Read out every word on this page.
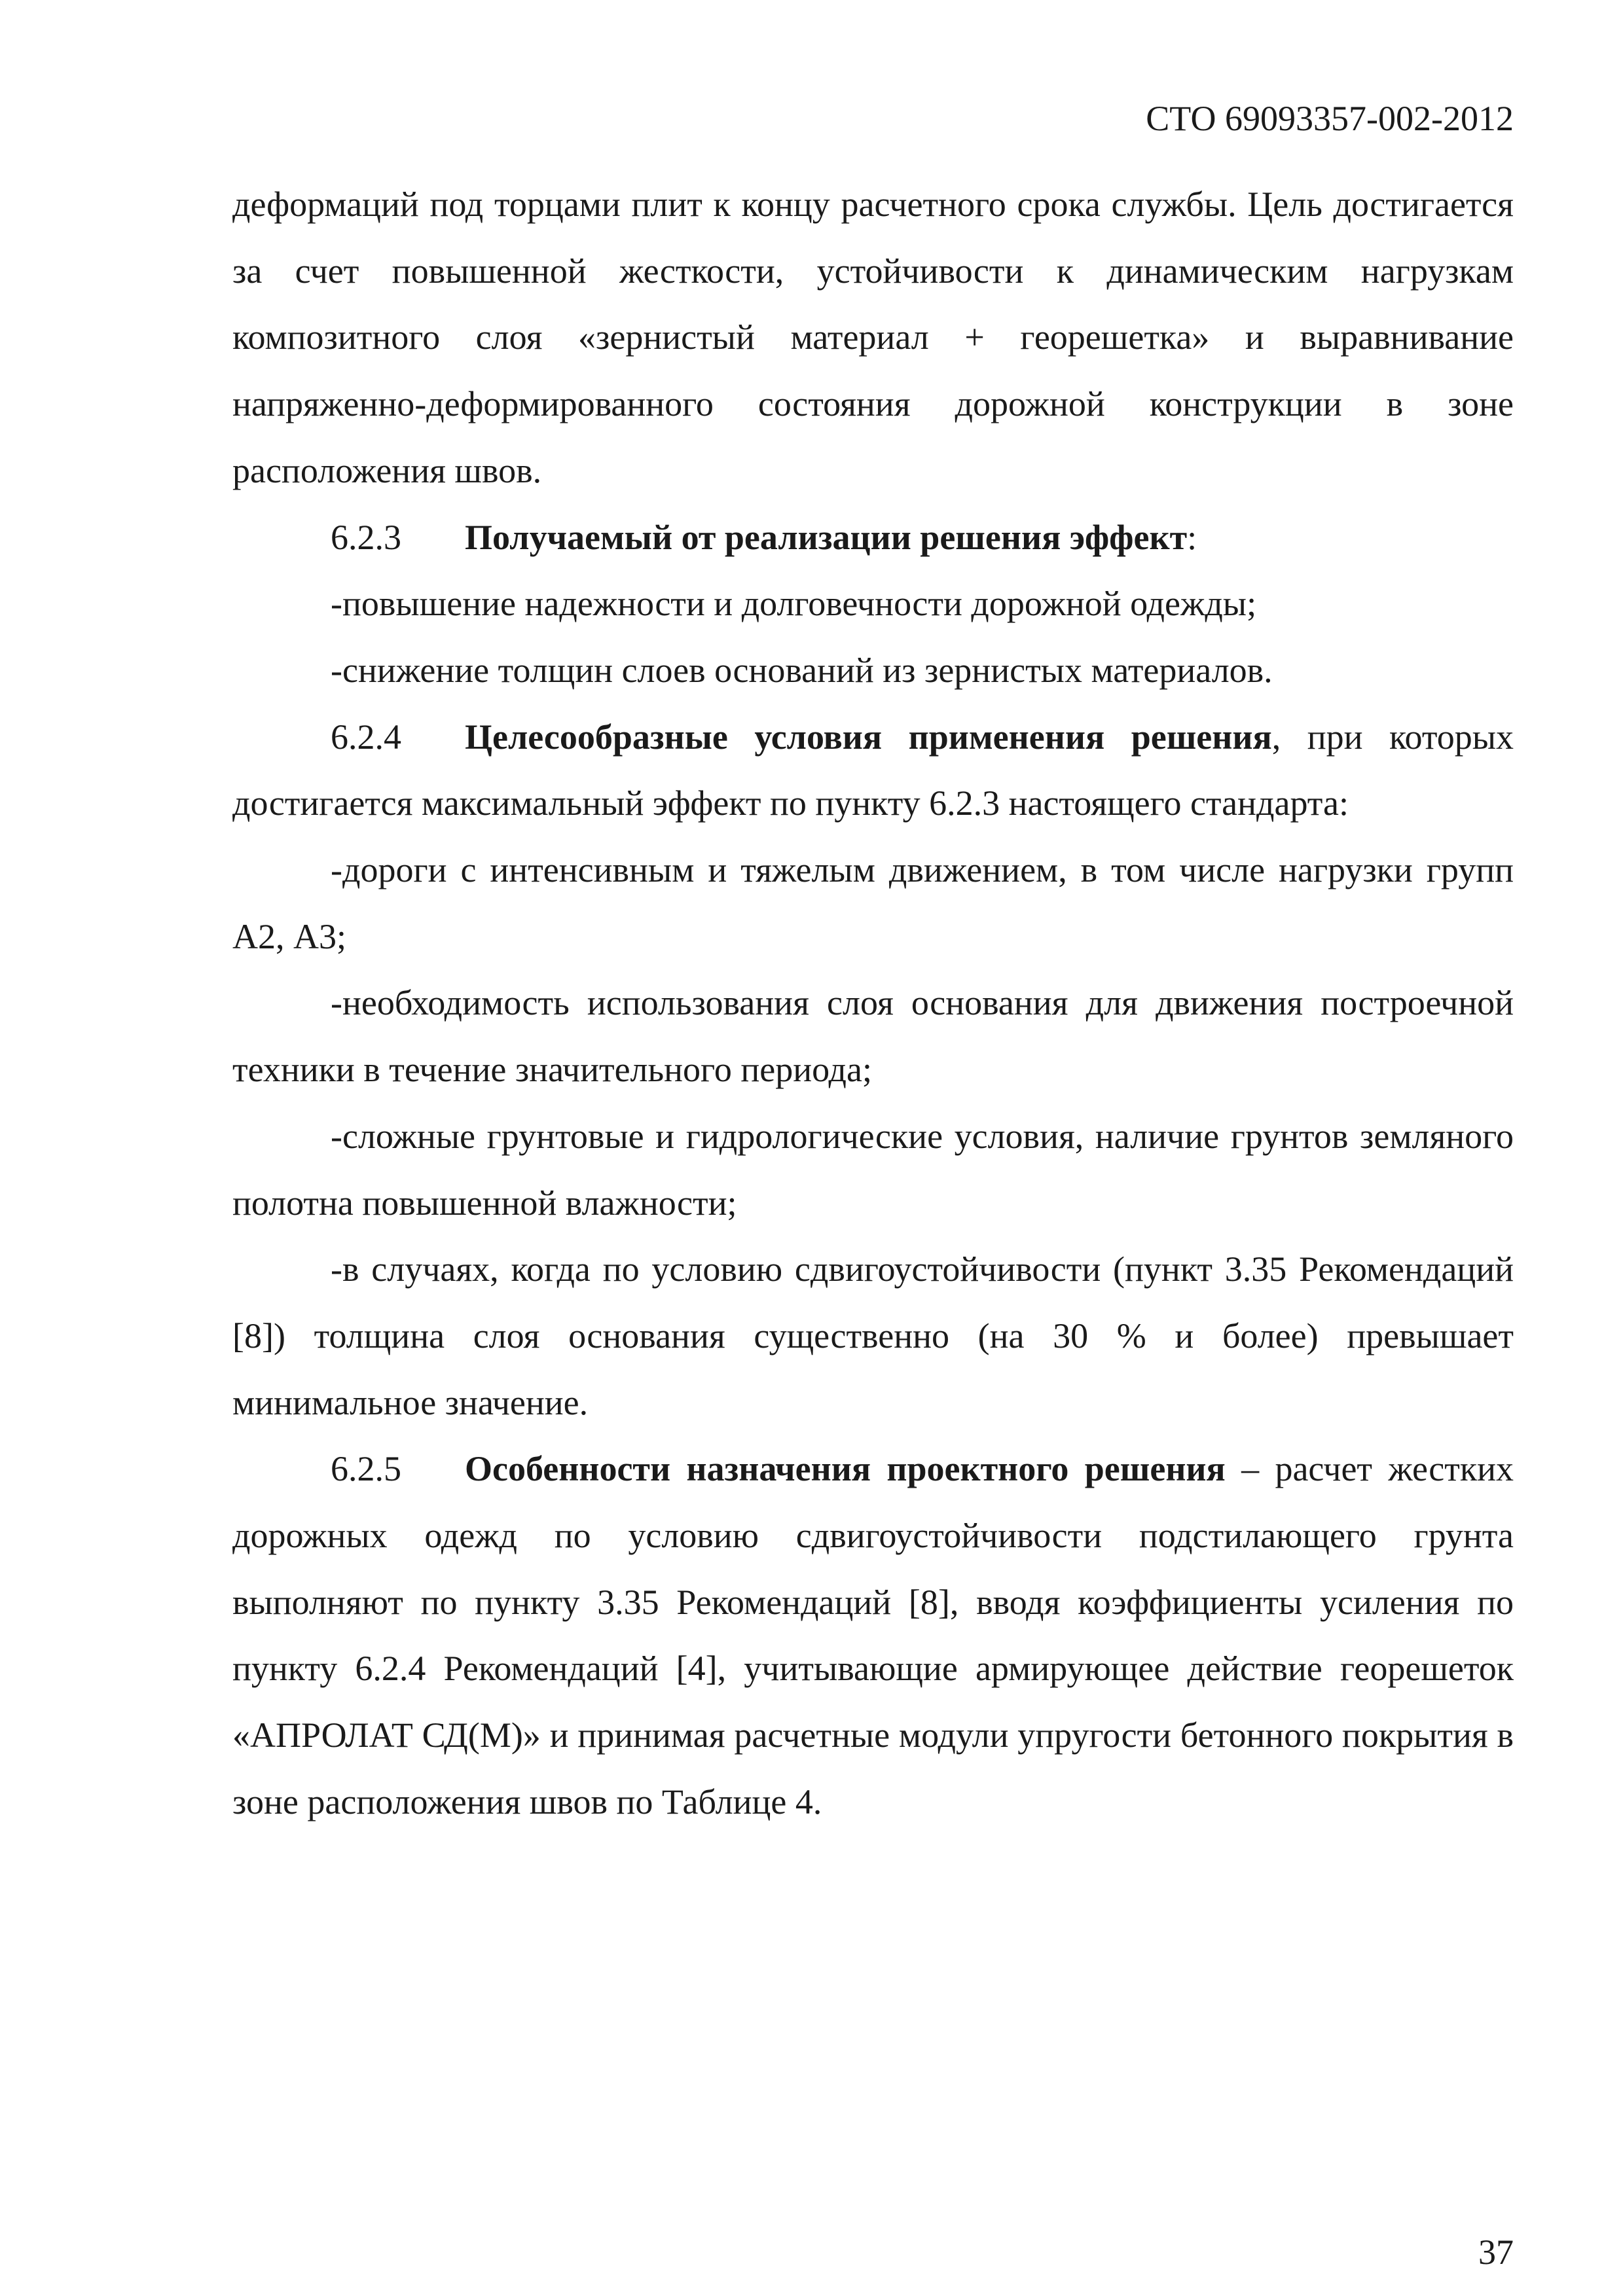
СТО 69093357-002-2012

деформаций под торцами плит к концу расчетного срока службы. Цель достигается за счет повышенной жесткости, устойчивости к динамическим нагрузкам композитного слоя «зернистый материал + георешетка» и выравнивание напряженно-деформированного состояния дорожной конструкции в зоне расположения швов.

6.2.3 Получаемый от реализации решения эффект:

-повышение надежности и долговечности дорожной одежды;

-снижение толщин слоев оснований из зернистых материалов.

6.2.4 Целесообразные условия применения решения, при которых достигается максимальный эффект по пункту 6.2.3 настоящего стандарта:

-дороги с интенсивным и тяжелым движением, в том числе нагрузки групп А2, А3;

-необходимость использования слоя основания для движения построечной техники в течение значительного периода;

-сложные грунтовые и гидрологические условия, наличие грунтов земляного полотна повышенной влажности;

-в случаях, когда по условию сдвигоустойчивости (пункт 3.35 Рекомендаций [8]) толщина слоя основания существенно (на 30 % и более) превышает минимальное значение.

6.2.5 Особенности назначения проектного решения – расчет жестких дорожных одежд по условию сдвигоустойчивости подстилающего грунта выполняют по пункту 3.35 Рекомендаций [8], вводя коэффициенты усиления по пункту 6.2.4 Рекомендаций [4], учитывающие армирующее действие георешеток «АПРОЛАТ СД(М)» и принимая расчетные модули упругости бетонного покрытия в зоне расположения швов по Таблице 4.

37
